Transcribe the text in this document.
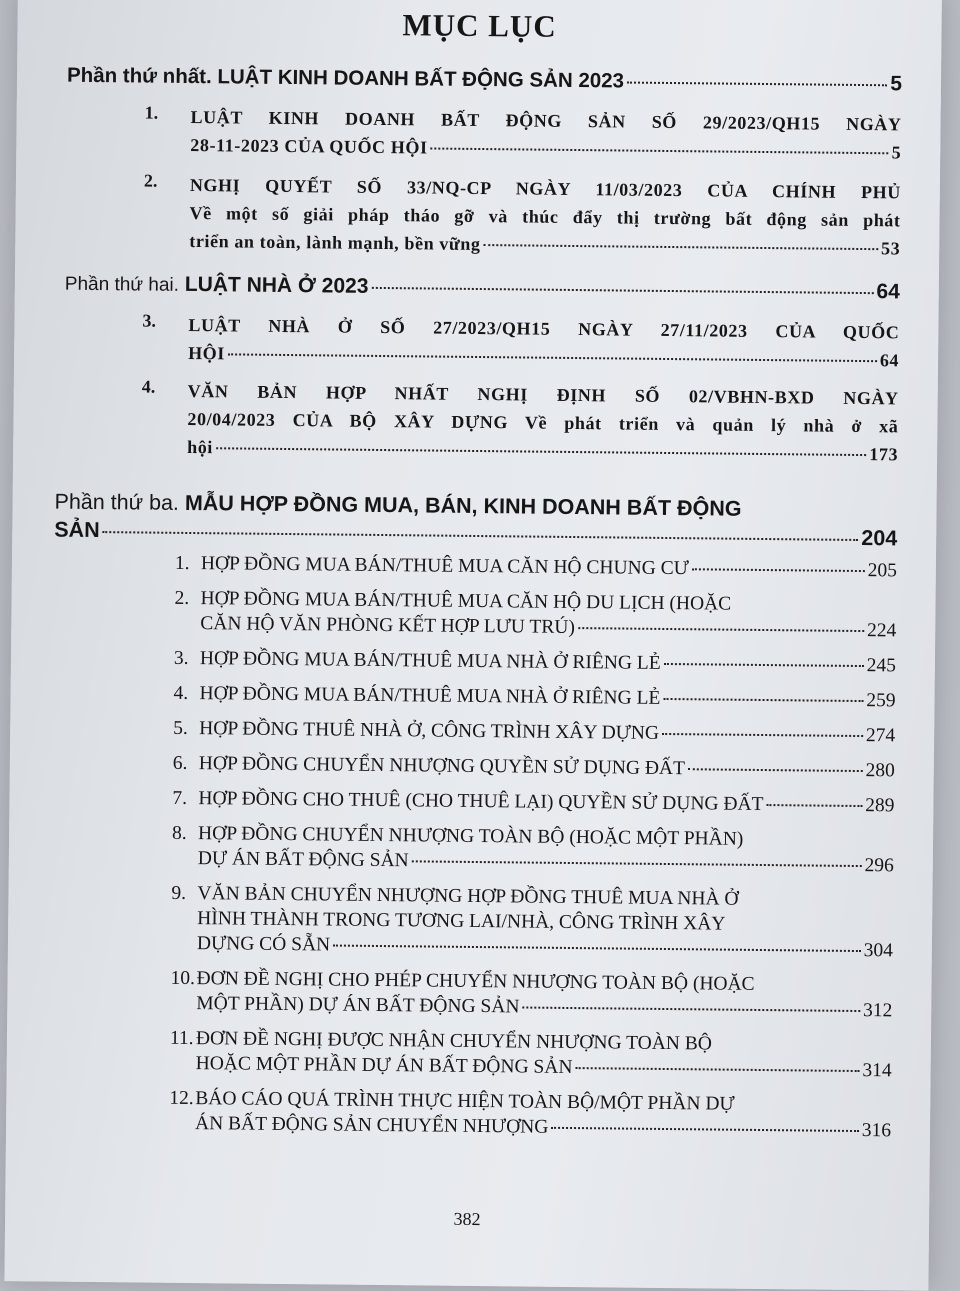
MỤC LỤC
Phần thứ nhất. LUẬT KINH DOANH BẤT ĐỘNG SẢN 2023	5
1.	LUẬT KINH DOANH BẤT ĐỘNG SẢN SỐ 29/2023/QH15 NGÀY
28-11-2023 CỦA QUỐC HỘI	5
2.	NGHỊ QUYẾT SỐ 33/NQ-CP NGÀY 11/03/2023 CỦA CHÍNH PHỦ
Về một số giải pháp tháo gỡ và thúc đẩy thị trường bất động sản phát
triển an toàn, lành mạnh, bền vững	53
Phần thứ hai. LUẬT NHÀ Ở 2023	64
3.	LUẬT NHÀ Ở SỐ 27/2023/QH15 NGÀY 27/11/2023 CỦA QUỐC
HỘI	64
4.	VĂN BẢN HỢP NHẤT NGHỊ ĐỊNH SỐ 02/VBHN-BXD NGÀY
20/04/2023 CỦA BỘ XÂY DỰNG Về phát triển và quản lý nhà ở xã
hội	173
Phần thứ ba. MẪU HỢP ĐỒNG MUA, BÁN, KINH DOANH BẤT ĐỘNG
SẢN	204
1. HỢP ĐỒNG MUA BÁN/THUÊ MUA CĂN HỘ CHUNG CƯ	205
2. HỢP ĐỒNG MUA BÁN/THUÊ MUA CĂN HỘ DU LỊCH (HOẶC
CĂN HỘ VĂN PHÒNG KẾT HỢP LƯU TRÚ)	224
3. HỢP ĐỒNG MUA BÁN/THUÊ MUA NHÀ Ở RIÊNG LẺ	245
4. HỢP ĐỒNG MUA BÁN/THUÊ MUA NHÀ Ở RIÊNG LẺ	259
5. HỢP ĐỒNG THUÊ NHÀ Ở, CÔNG TRÌNH XÂY DỰNG	274
6. HỢP ĐỒNG CHUYỂN NHƯỢNG QUYỀN SỬ DỤNG ĐẤT	280
7. HỢP ĐỒNG CHO THUÊ (CHO THUÊ LẠI) QUYỀN SỬ DỤNG ĐẤT	289
8. HỢP ĐỒNG CHUYỂN NHƯỢNG TOÀN BỘ (HOẶC MỘT PHẦN)
DỰ ÁN BẤT ĐỘNG SẢN	296
9. VĂN BẢN CHUYỂN NHƯỢNG HỢP ĐỒNG THUÊ MUA NHÀ Ở
HÌNH THÀNH TRONG TƯƠNG LAI/NHÀ, CÔNG TRÌNH XÂY
DỰNG CÓ SẴN	304
10. ĐƠN ĐỀ NGHỊ CHO PHÉP CHUYỂN NHƯỢNG TOÀN BỘ (HOẶC
MỘT PHẦN) DỰ ÁN BẤT ĐỘNG SẢN	312
11. ĐƠN ĐỀ NGHỊ ĐƯỢC NHẬN CHUYỂN NHƯỢNG TOÀN BỘ
HOẶC MỘT PHẦN DỰ ÁN BẤT ĐỘNG SẢN	314
12. BÁO CÁO QUÁ TRÌNH THỰC HIỆN TOÀN BỘ/MỘT PHẦN DỰ
ÁN BẤT ĐỘNG SẢN CHUYỂN NHƯỢNG	316
382
